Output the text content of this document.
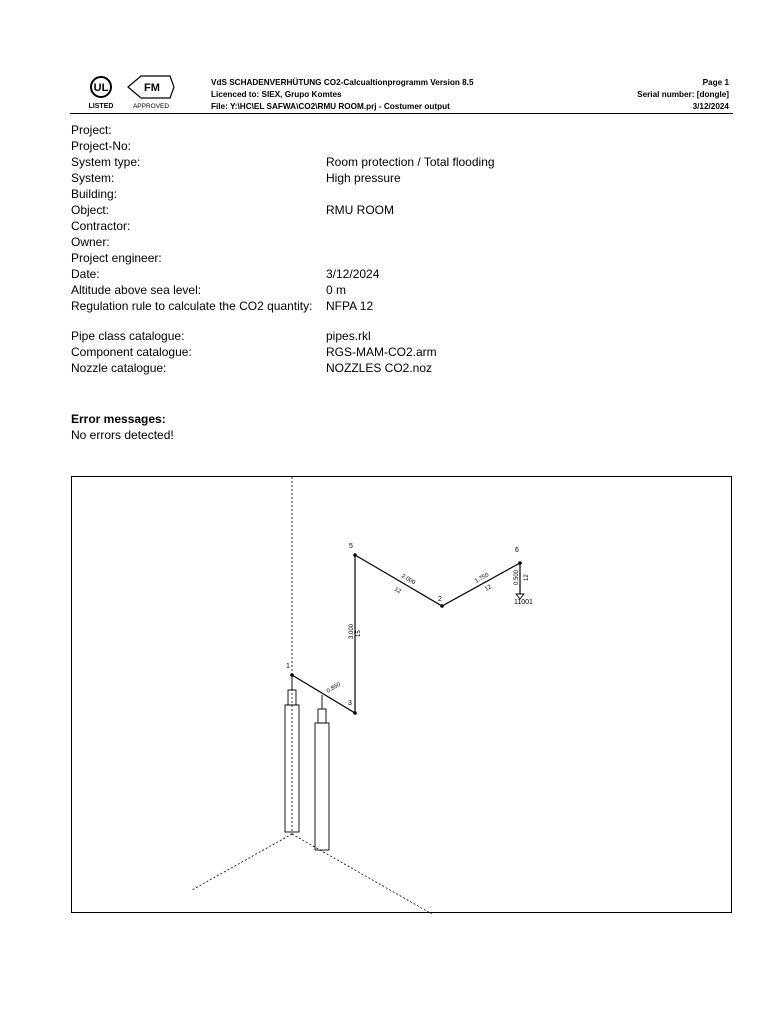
UL
LISTED
FM
APPROVED
VdS SCHADENVERHÜTUNG CO2-Calcualtionprogramm Version 8.5
Licenced to: SIEX, Grupo Komtes
File: Y:\HC\EL SAFWA\CO2\RMU ROOM.prj - Costumer output
Page 1
Serial number: [dongle]
3/12/2024
Project:
Project-No:
System type:	Room protection / Total flooding
System:	High pressure
Building:
Object:	RMU ROOM
Contractor:
Owner:
Project engineer:
Date:	3/12/2024
Altitude above sea level:	0 m
Regulation rule to calculate the CO2 quantity: NFPA 12
Pipe class catalogue:	pipes.rkl
Component catalogue:	RGS-MAM-CO2.arm
Nozzle catalogue:	NOZZLES CO2.noz
Error messages:
No errors detected!
1
2
3
5
6
11001
0.850
3.000 15
2.000
12
1.750
12
0.500 12
